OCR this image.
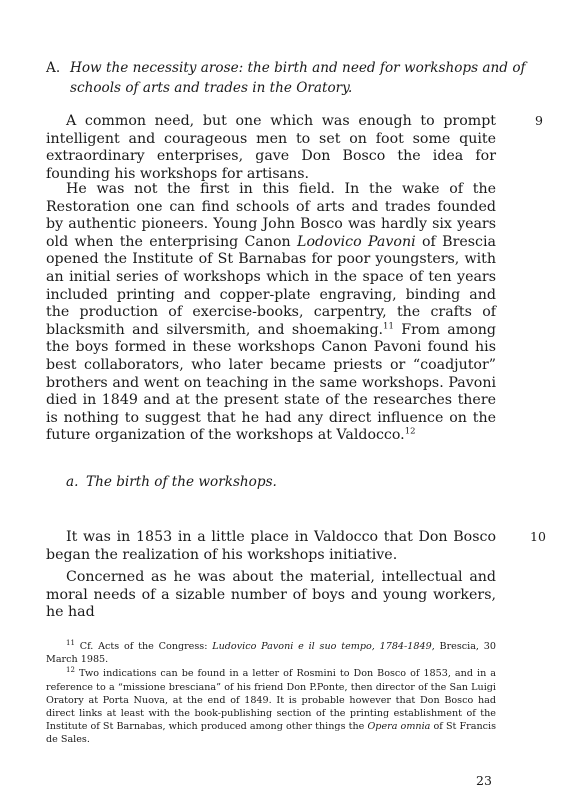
A. How the necessity arose: the birth and need for workshops and of schools of arts and trades in the Oratory.

A common need, but one which was enough to prompt intelligent and courageous men to set on foot some quite extraordinary enterprises, gave Don Bosco the idea for founding his workshops for artisans.

9

He was not the first in this field. In the wake of the Restoration one can find schools of arts and trades founded by authentic pioneers. Young John Bosco was hardly six years old when the enterprising Canon Lodovico Pavoni of Brescia opened the Institute of St Barnabas for poor youngsters, with an initial series of workshops which in the space of ten years included printing and copper-plate engraving, binding and the production of exercise-books, carpentry, the crafts of blacksmith and silversmith, and shoemaking.$^{11}$ From among the boys formed in these workshops Canon Pavoni found his best collaborators, who later became priests or “coadjutor” brothers and went on teaching in the same workshops. Pavoni died in 1849 and at the present state of the researches there is nothing to suggest that he had any direct influence on the future organization of the workshops at Valdocco.$^{12}$

a. The birth of the workshops.

It was in 1853 in a little place in Valdocco that Don Bosco began the realization of his workshops initiative.

10

Concerned as he was about the material, intellectual and moral needs of a sizable number of boys and young workers, he had

$^{11}$ Cf. Acts of the Congress: Ludovico Pavoni e il suo tempo, 1784-1849, Brescia, 30 March 1985.

$^{12}$ Two indications can be found in a letter of Rosmini to Don Bosco of 1853, and in a reference to a “missione bresciana” of his friend Don P.Ponte, then director of the San Luigi Oratory at Porta Nuova, at the end of 1849. It is probable however that Don Bosco had direct links at least with the book-publishing section of the printing establishment of the Institute of St Barnabas, which produced among other things the Opera omnia of St Francis de Sales.

23
